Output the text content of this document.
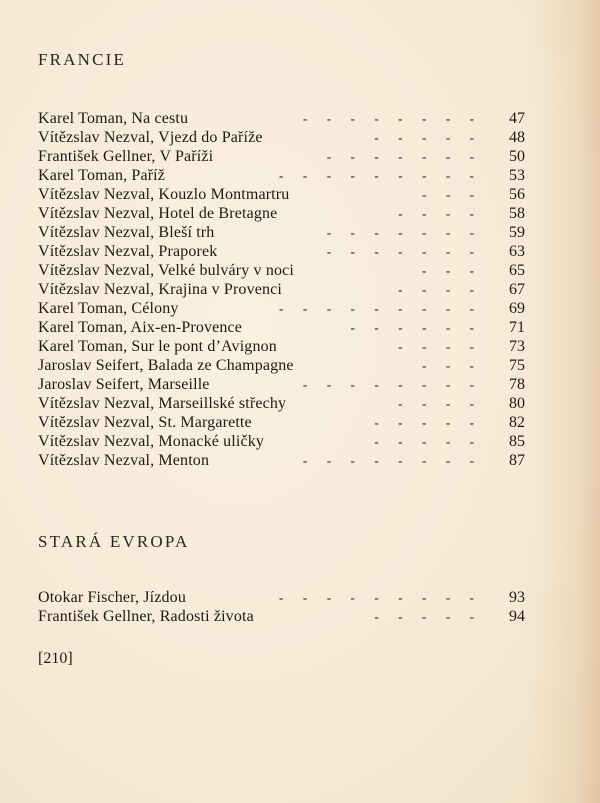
FRANCIE
Karel Toman, Na cestu	-  -  -  -  -  -  -  -	47
Vítězslav Nezval, Vjezd do Paříže	-  -  -  -  -	48
František Gellner, V Paříži	-  -  -  -  -  -  -	50
Karel Toman, Paříž	-  -  -  -  -  -  -  -  -	53
Vítězslav Nezval, Kouzlo Montmartru	-  -  -	56
Vítězslav Nezval, Hotel de Bretagne	-  -  -  -	58
Vítězslav Nezval, Bleší trh	-  -  -  -  -  -  -	59
Vítězslav Nezval, Praporek	-  -  -  -  -  -  -	63
Vítězslav Nezval, Velké bulváry v noci	-  -  -	65
Vítězslav Nezval, Krajina v Provenci	-  -  -  -	67
Karel Toman, Célony	-  -  -  -  -  -  -  -  -	69
Karel Toman, Aix-en-Provence	-  -  -  -  -  -	71
Karel Toman, Sur le pont d’Avignon	-  -  -  -	73
Jaroslav Seifert, Balada ze Champagne	-  -  -	75
Jaroslav Seifert, Marseille	-  -  -  -  -  -  -  -	78
Vítězslav Nezval, Marseillské střechy	-  -  -  -	80
Vítězslav Nezval, St. Margarette	-  -  -  -  -	82
Vítězslav Nezval, Monacké uličky	-  -  -  -  -	85
Vítězslav Nezval, Menton	-  -  -  -  -  -  -  -	87
STARÁ EVROPA
Otokar Fischer, Jízdou	-  -  -  -  -  -  -  -  -	93
František Gellner, Radosti života	-  -  -  -  -	94

[210]
